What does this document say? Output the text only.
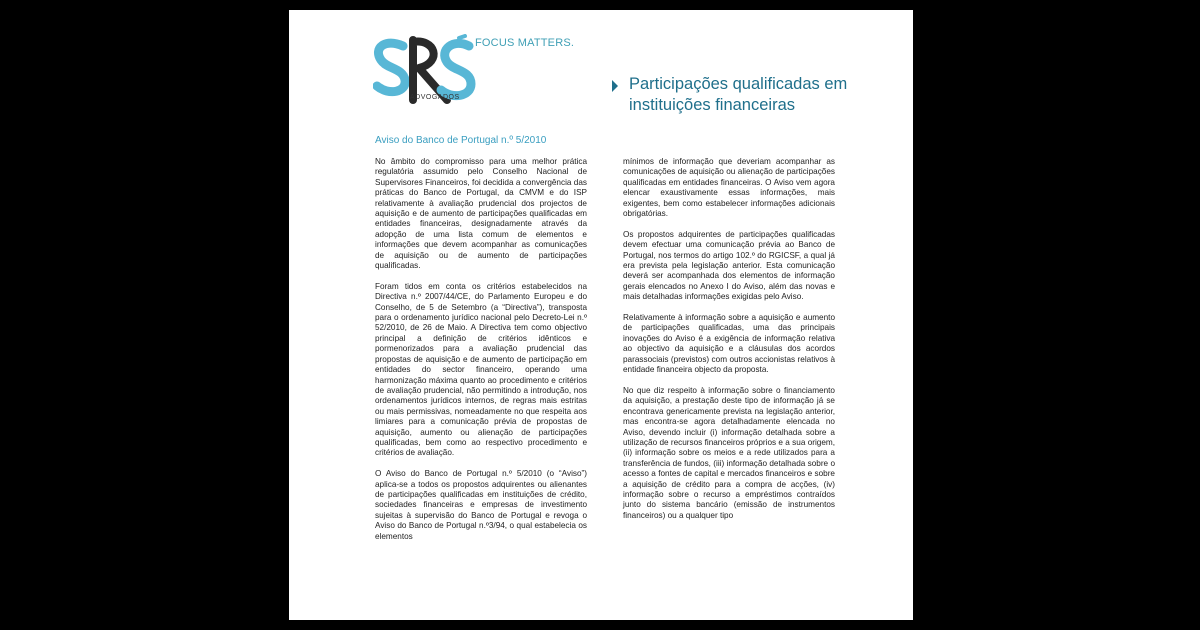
ADVOGADOS
FOCUS MATTERS.
Participações qualificadas em instituições financeiras
Aviso do Banco de Portugal n.º 5/2010

No âmbito do compromisso para uma melhor prática regulatória assumido pelo Conselho Nacional de Supervisores Financeiros, foi decidida a convergência das práticas do Banco de Portugal, da CMVM e do ISP relativamente à avaliação prudencial dos projectos de aquisição e de aumento de participações qualificadas em entidades financeiras, designadamente através da adopção de uma lista comum de elementos e informações que devem acompanhar as comunicações de aquisição ou de aumento de participações qualificadas.

Foram tidos em conta os critérios estabelecidos na Directiva n.º 2007/44/CE, do Parlamento Europeu e do Conselho, de 5 de Setembro (a “Directiva”), transposta para o ordenamento jurídico nacional pelo Decreto-Lei n.º 52/2010, de 26 de Maio. A Directiva tem como objectivo principal a definição de critérios idênticos e pormenorizados para a avaliação prudencial das propostas de aquisição e de aumento de participação em entidades do sector financeiro, operando uma harmonização máxima quanto ao procedimento e critérios de avaliação prudencial, não permitindo a introdução, nos ordenamentos jurídicos internos, de regras mais estritas ou mais permissivas, nomeadamente no que respeita aos limiares para a comunicação prévia de propostas de aquisição, aumento ou alienação de participações qualificadas, bem como ao respectivo procedimento e critérios de avaliação.

O Aviso do Banco de Portugal n.º 5/2010 (o “Aviso”) aplica-se a todos os propostos adquirentes ou alienantes de participações qualificadas em instituições de crédito, sociedades financeiras e empresas de investimento sujeitas à supervisão do Banco de Portugal e revoga o Aviso do Banco de Portugal n.º3/94, o qual estabelecia os elementos

mínimos de informação que deveriam acompanhar as comunicações de aquisição ou alienação de participações qualificadas em entidades financeiras. O Aviso vem agora elencar exaustivamente essas informações, mais exigentes, bem como estabelecer informações adicionais obrigatórias.

Os propostos adquirentes de participações qualificadas devem efectuar uma comunicação prévia ao Banco de Portugal, nos termos do artigo 102.º do RGICSF, a qual já era prevista pela legislação anterior. Esta comunicação deverá ser acompanhada dos elementos de informação gerais elencados no Anexo I do Aviso, além das novas e mais detalhadas informações exigidas pelo Aviso.

Relativamente à informação sobre a aquisição e aumento de participações qualificadas, uma das principais inovações do Aviso é a exigência de informação relativa ao objectivo da aquisição e a cláusulas dos acordos parassociais (previstos) com outros accionistas relativos à entidade financeira objecto da proposta.

No que diz respeito à informação sobre o financiamento da aquisição, a prestação deste tipo de informação já se encontrava genericamente prevista na legislação anterior, mas encontra-se agora detalhadamente elencada no Aviso, devendo incluir (i) informação detalhada sobre a utilização de recursos financeiros próprios e a sua origem, (ii) informação sobre os meios e a rede utilizados para a transferência de fundos, (iii) informação detalhada sobre o acesso a fontes de capital e mercados financeiros e sobre a aquisição de crédito para a compra de acções, (iv) informação sobre o recurso a empréstimos contraídos junto do sistema bancário (emissão de instrumentos financeiros) ou a qualquer tipo
